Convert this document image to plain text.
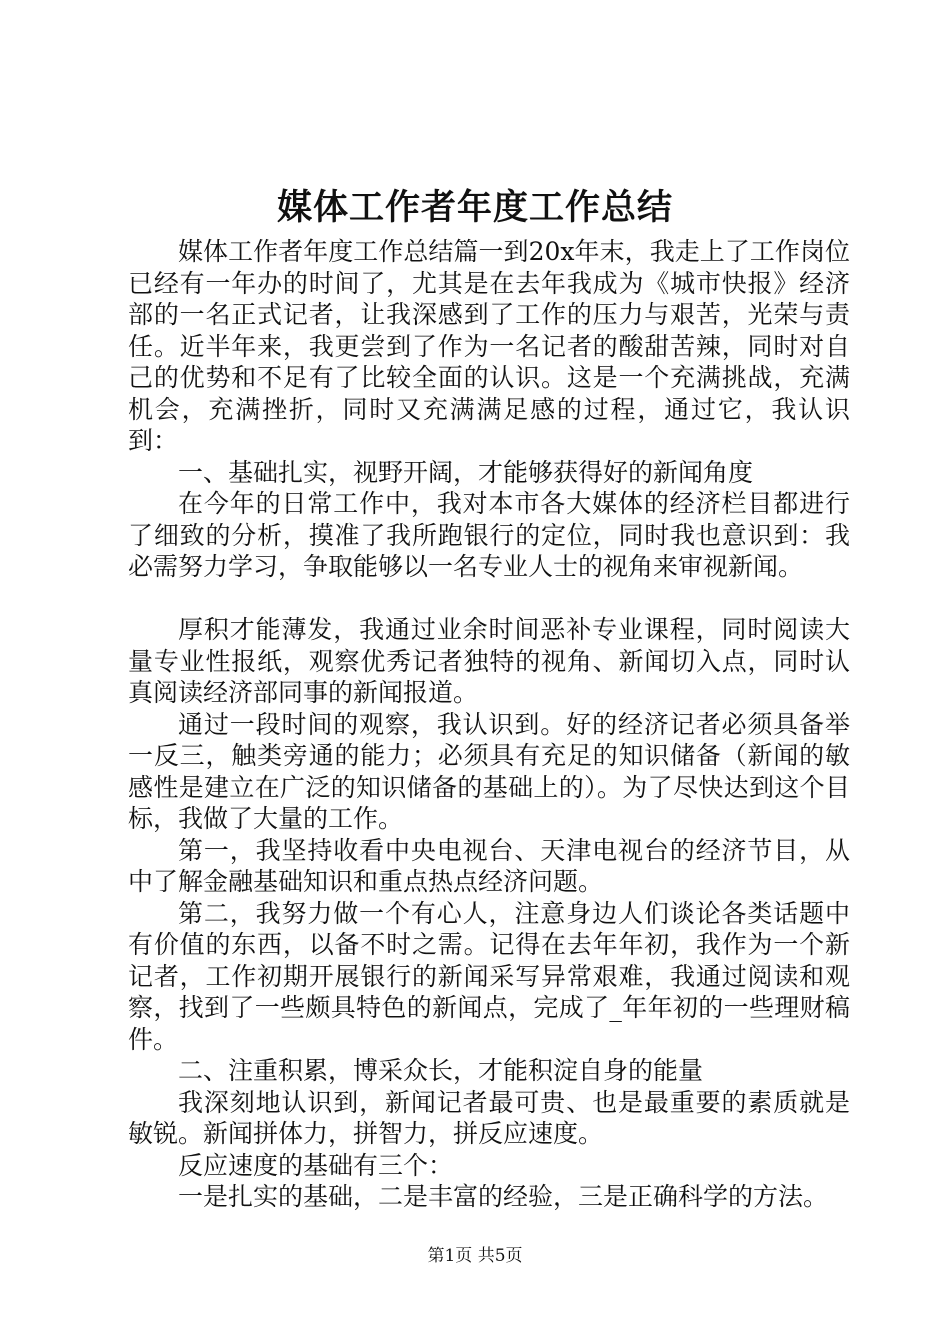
媒体工作者年度工作总结

媒体工作者年度工作总结篇一到20x年末，我走上了工作岗位已经有一年办的时间了，尤其是在去年我成为《城市快报》经济部的一名正式记者，让我深感到了工作的压力与艰苦，光荣与责任。近半年来，我更尝到了作为一名记者的酸甜苦辣，同时对自己的优势和不足有了比较全面的认识。这是一个充满挑战，充满机会，充满挫折，同时又充满满足感的过程，通过它，我认识到：

一、基础扎实，视野开阔，才能够获得好的新闻角度

在今年的日常工作中，我对本市各大媒体的经济栏目都进行了细致的分析，摸准了我所跑银行的定位，同时我也意识到：我必需努力学习，争取能够以一名专业人士的视角来审视新闻。

厚积才能薄发，我通过业余时间恶补专业课程，同时阅读大量专业性报纸，观察优秀记者独特的视角、新闻切入点，同时认真阅读经济部同事的新闻报道。

通过一段时间的观察，我认识到。好的经济记者必须具备举一反三，触类旁通的能力；必须具有充足的知识储备（新闻的敏感性是建立在广泛的知识储备的基础上的）。为了尽快达到这个目标，我做了大量的工作。

第一，我坚持收看中央电视台、天津电视台的经济节目，从中了解金融基础知识和重点热点经济问题。

第二，我努力做一个有心人，注意身边人们谈论各类话题中有价值的东西，以备不时之需。记得在去年年初，我作为一个新记者，工作初期开展银行的新闻采写异常艰难，我通过阅读和观察，找到了一些颇具特色的新闻点，完成了_年年初的一些理财稿件。

二、注重积累，博采众长，才能积淀自身的能量

我深刻地认识到，新闻记者最可贵、也是最重要的素质就是敏锐。新闻拼体力，拼智力，拼反应速度。

反应速度的基础有三个：

一是扎实的基础，二是丰富的经验，三是正确科学的方法。

第1页 共5页
